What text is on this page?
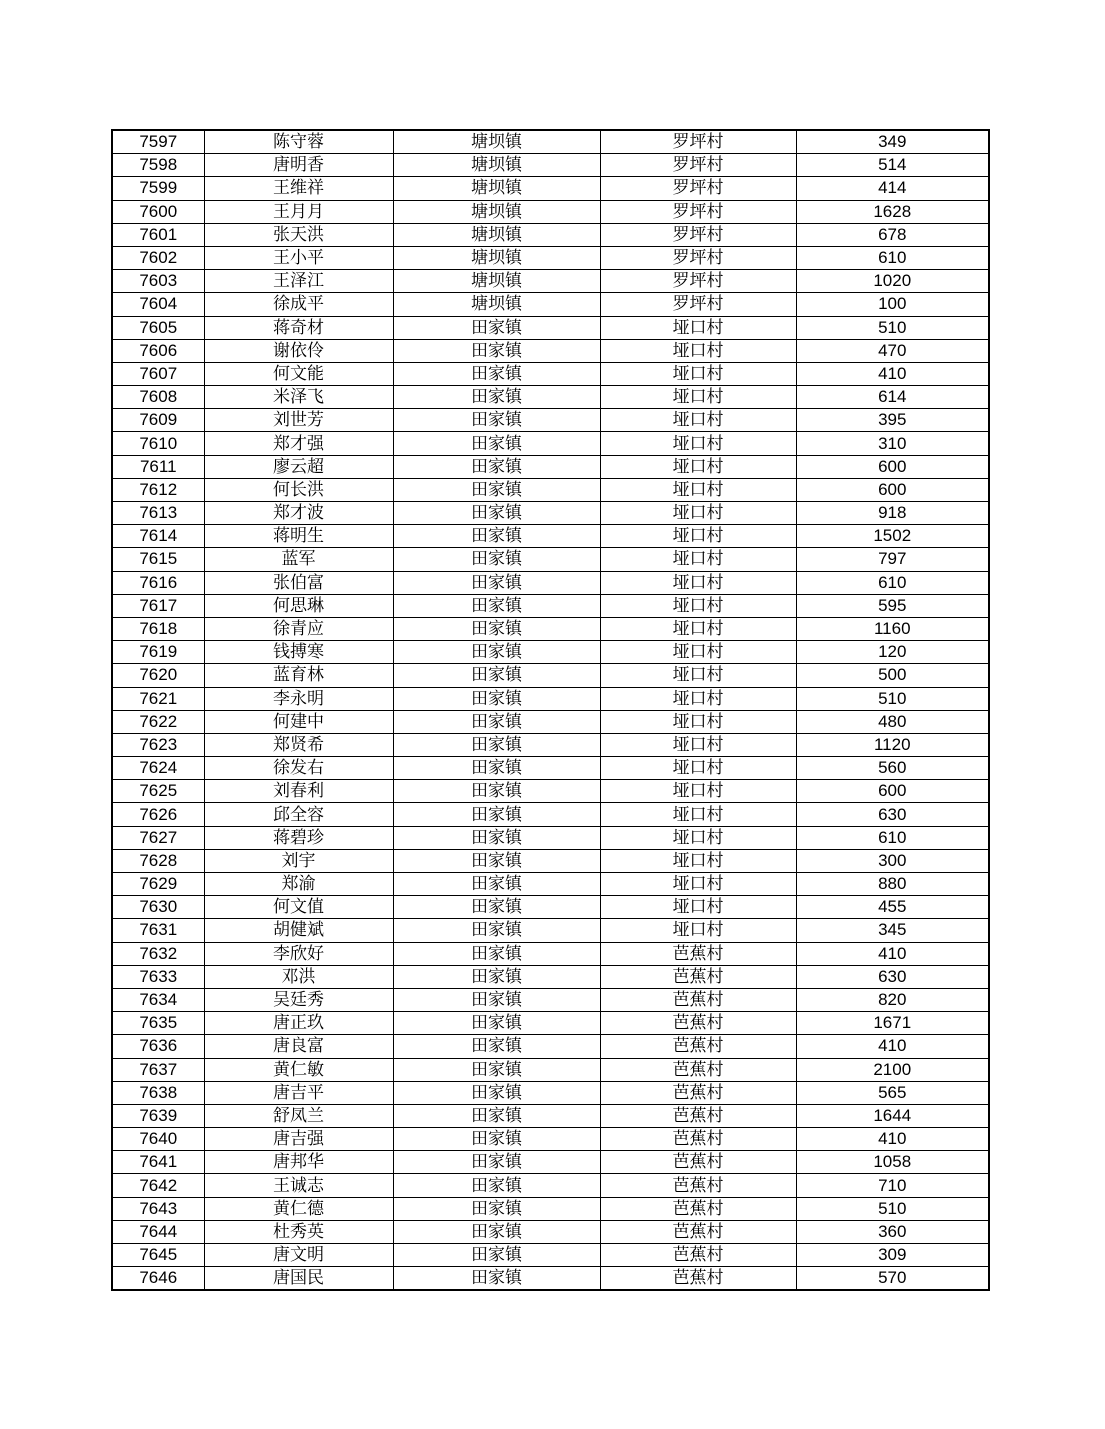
7597	陈守蓉	塘坝镇	罗坪村	349
7598	唐明香	塘坝镇	罗坪村	514
7599	王维祥	塘坝镇	罗坪村	414
7600	王月月	塘坝镇	罗坪村	1628
7601	张天洪	塘坝镇	罗坪村	678
7602	王小平	塘坝镇	罗坪村	610
7603	王泽江	塘坝镇	罗坪村	1020
7604	徐成平	塘坝镇	罗坪村	100
7605	蒋奇材	田家镇	垭口村	510
7606	谢依伶	田家镇	垭口村	470
7607	何文能	田家镇	垭口村	410
7608	米泽飞	田家镇	垭口村	614
7609	刘世芳	田家镇	垭口村	395
7610	郑才强	田家镇	垭口村	310
7611	廖云超	田家镇	垭口村	600
7612	何长洪	田家镇	垭口村	600
7613	郑才波	田家镇	垭口村	918
7614	蒋明生	田家镇	垭口村	1502
7615	蓝军	田家镇	垭口村	797
7616	张伯富	田家镇	垭口村	610
7617	何思琳	田家镇	垭口村	595
7618	徐青应	田家镇	垭口村	1160
7619	钱搏寒	田家镇	垭口村	120
7620	蓝育林	田家镇	垭口村	500
7621	李永明	田家镇	垭口村	510
7622	何建中	田家镇	垭口村	480
7623	郑贤希	田家镇	垭口村	1120
7624	徐发右	田家镇	垭口村	560
7625	刘春利	田家镇	垭口村	600
7626	邱全容	田家镇	垭口村	630
7627	蒋碧珍	田家镇	垭口村	610
7628	刘宇	田家镇	垭口村	300
7629	郑渝	田家镇	垭口村	880
7630	何文值	田家镇	垭口村	455
7631	胡健斌	田家镇	垭口村	345
7632	李欣好	田家镇	芭蕉村	410
7633	邓洪	田家镇	芭蕉村	630
7634	吴廷秀	田家镇	芭蕉村	820
7635	唐正玖	田家镇	芭蕉村	1671
7636	唐良富	田家镇	芭蕉村	410
7637	黄仁敏	田家镇	芭蕉村	2100
7638	唐吉平	田家镇	芭蕉村	565
7639	舒凤兰	田家镇	芭蕉村	1644
7640	唐吉强	田家镇	芭蕉村	410
7641	唐邦华	田家镇	芭蕉村	1058
7642	王诚志	田家镇	芭蕉村	710
7643	黄仁德	田家镇	芭蕉村	510
7644	杜秀英	田家镇	芭蕉村	360
7645	唐文明	田家镇	芭蕉村	309
7646	唐国民	田家镇	芭蕉村	570
